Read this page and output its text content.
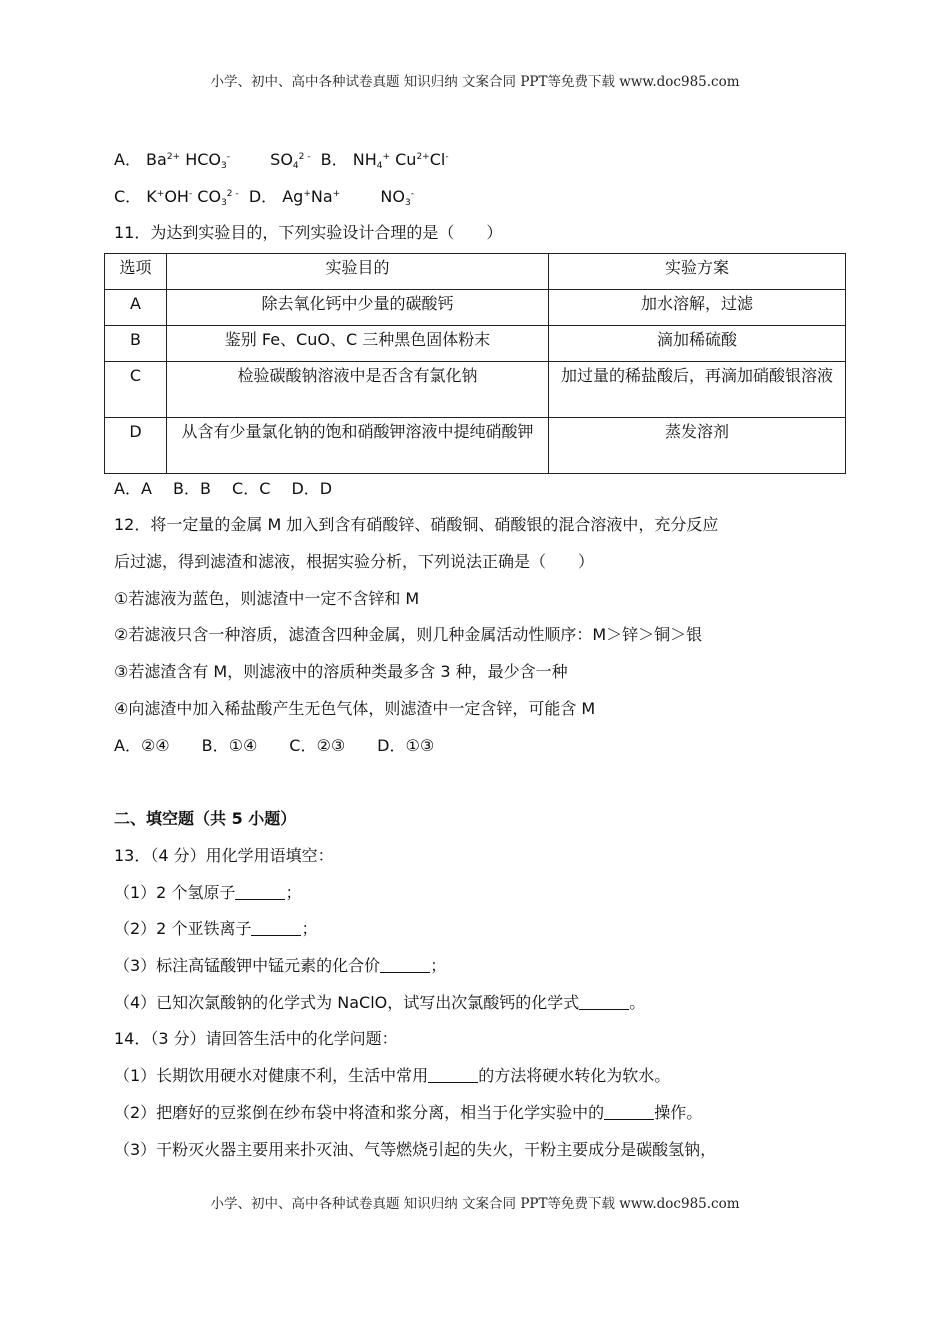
小学、初中、高中各种试卷真题 知识归纳 文案合同 PPT等免费下载 www.doc985.com
A． $Ba^{2+}$ $HCO_3^-$	$SO_4^{2 -}$ B． $NH_4^+$ $Cu^{2+}Cl^-$
C． K+OH- $CO_3^{2 -}$ D． Ag+Na+	$NO_3^-$
11．为达到实验目的，下列实验设计合理的是（　　）
选项	实验目的	实验方案
A	除去氧化钙中少量的碳酸钙	加水溶解，过滤
B	鉴别 Fe、CuO、C 三种黑色固体粉末	滴加稀硫酸
C	检验碳酸钠溶液中是否含有氯化钠	加过量的稀盐酸后，再滴加硝酸银溶液
D	从含有少量氯化钠的饱和硝酸钾溶液中提纯硝酸钾	蒸发溶剂
A．A　 B．B　 C．C　 D．D
12．将一定量的金属 M 加入到含有硝酸锌、硝酸铜、硝酸银的混合溶液中，充分反应
后过滤，得到滤渣和滤液，根据实验分析，下列说法正确是（　　）
①若滤液为蓝色，则滤渣中一定不含锌和 M
②若滤液只含一种溶质，滤渣含四种金属，则几种金属活动性顺序：M＞锌＞铜＞银
③若滤渣含有 M，则滤液中的溶质种类最多含 3 种，最少含一种
④向滤渣中加入稀盐酸产生无色气体，则滤渣中一定含锌，可能含 M
A．②④　　B．①④　　C．②③　　D．①③
二、填空题（共 5 小题）
13．（4 分）用化学用语填空：
（1）2 个氢原子	；
（2）2 个亚铁离子	；
（3）标注高锰酸钾中锰元素的化合价	；
（4）已知次氯酸钠的化学式为 NaClO，试写出次氯酸钙的化学式	。
14．（3 分）请回答生活中的化学问题：
（1）长期饮用硬水对健康不利，生活中常用	的方法将硬水转化为软水。
（2）把磨好的豆浆倒在纱布袋中将渣和浆分离，相当于化学实验中的	操作。
（3）干粉灭火器主要用来扑灭油、气等燃烧引起的失火，干粉主要成分是碳酸氢钠，
小学、初中、高中各种试卷真题 知识归纳 文案合同 PPT等免费下载 www.doc985.com
